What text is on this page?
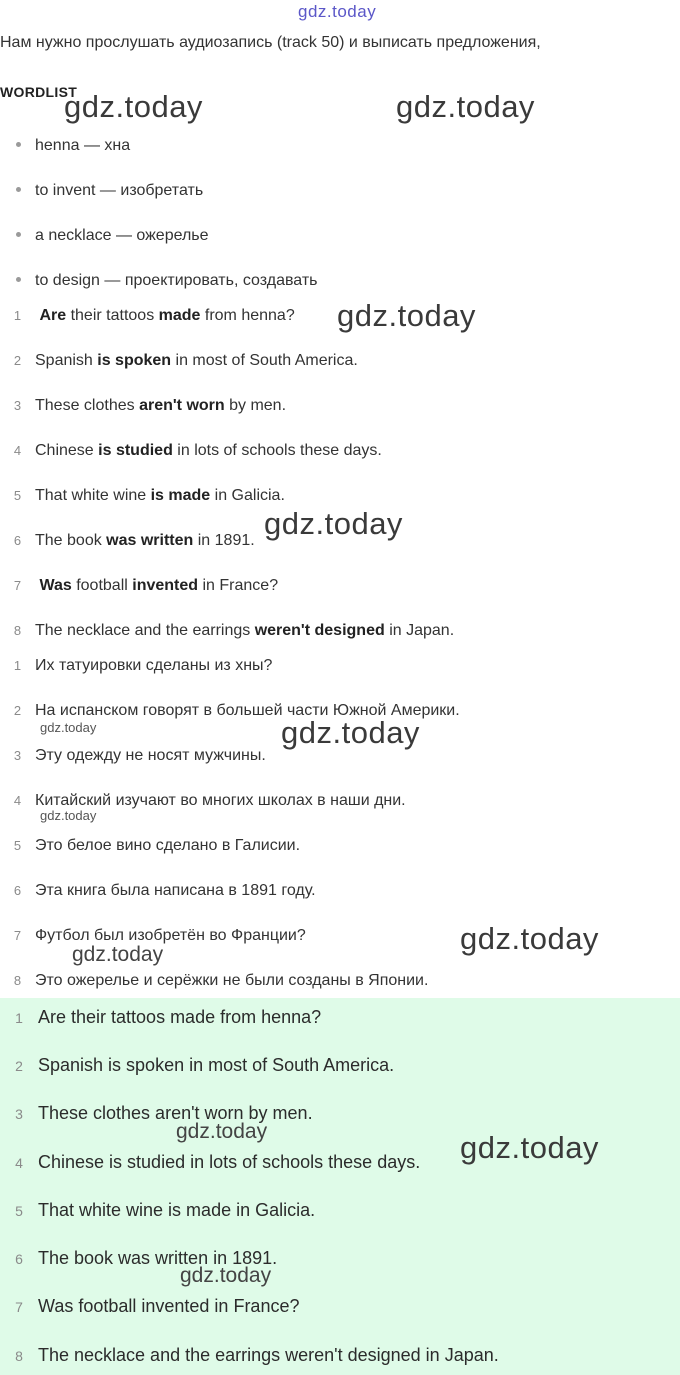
gdz.today
Нам нужно прослушать аудиозапись (track 50) и выписать предложения,
WORDLIST
henna — хна
to invent — изобретать
a necklace — ожерелье
to design — проектировать, создавать
1 Are their tattoos made from henna?
2 Spanish is spoken in most of South America.
3 These clothes aren't worn by men.
4 Chinese is studied in lots of schools these days.
5 That white wine is made in Galicia.
6 The book was written in 1891.
7 Was football invented in France?
8 The necklace and the earrings weren't designed in Japan.
1 Их татуировки сделаны из хны?
2 На испанском говорят в большей части Южной Америки.
3 Эту одежду не носят мужчины.
4 Китайский изучают во многих школах в наши дни.
5 Это белое вино сделано в Галисии.
6 Эта книга была написана в 1891 году.
7 Футбол был изобретён во Франции?
8 Это ожерелье и серёжки не были созданы в Японии.
1 Are their tattoos made from henna?
2 Spanish is spoken in most of South America.
3 These clothes aren't worn by men.
4 Chinese is studied in lots of schools these days.
5 That white wine is made in Galicia.
6 The book was written in 1891.
7 Was football invented in France?
8 The necklace and the earrings weren't designed in Japan.
gdz.today	gdz.today
gdz.today
gdz.today
gdz.today	gdz.today
gdz.today
gdz.today
gdz.today
gdz.today	gdz.today
gdz.today
